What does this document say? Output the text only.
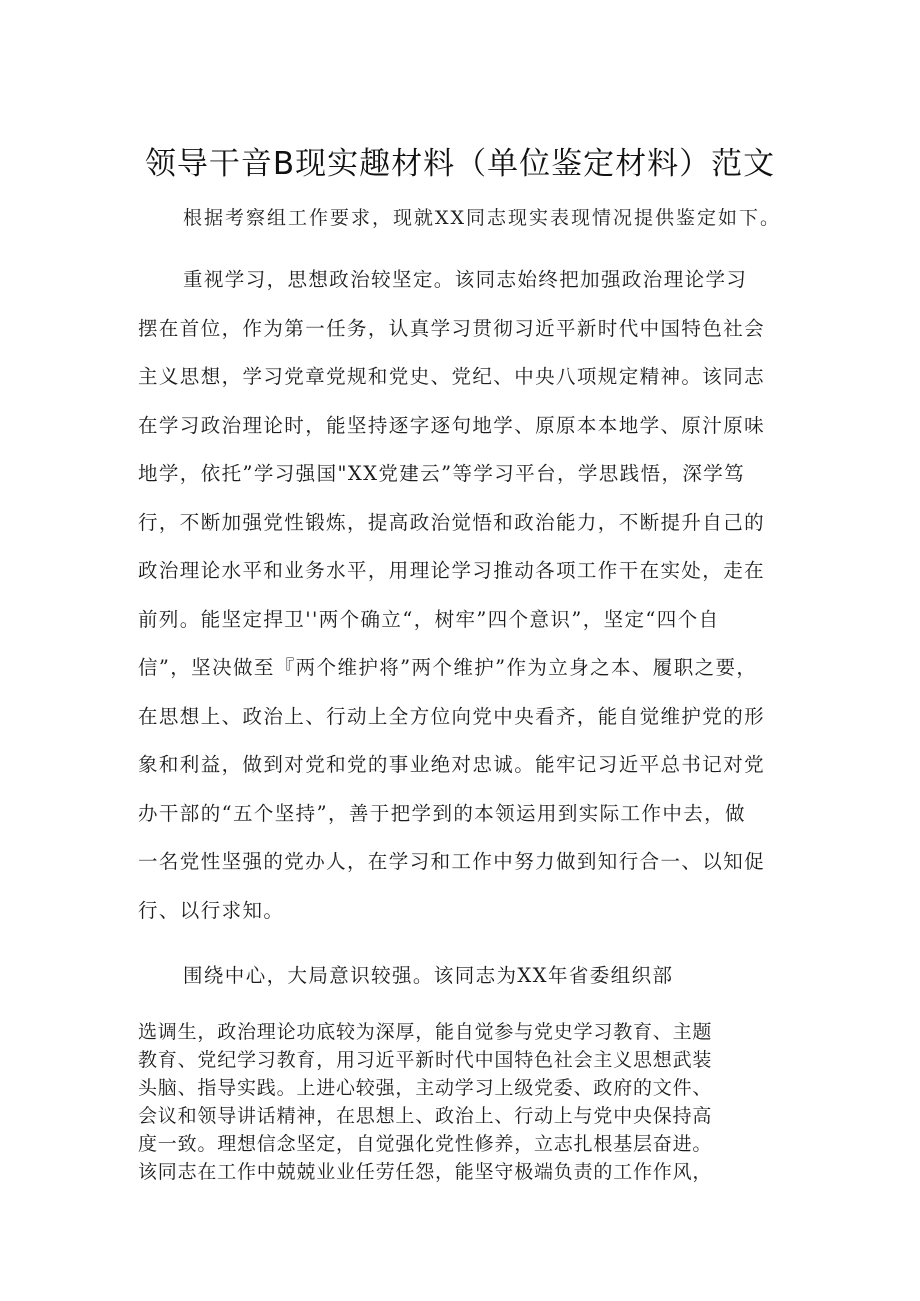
领导干音B现实趣材料（单位鉴定材料）范文
根据考察组工作要求，现就XX同志现实表现情况提供鉴定如下。
重视学习，思想政治较坚定。该同志始终把加强政治理论学习
摆在首位，作为第一任务，认真学习贯彻习近平新时代中国特色社会
主义思想，学习党章党规和党史、党纪、中央八项规定精神。该同志
在学习政治理论时，能坚持逐字逐句地学、原原本本地学、原汁原味
地学，依托”学习强国"XX党建云”等学习平台，学思践悟，深学笃
行，不断加强党性锻炼，提高政治觉悟和政治能力，不断提升自己的
政治理论水平和业务水平，用理论学习推动各项工作干在实处，走在
前列。能坚定捍卫''两个确立“，树牢”四个意识”，坚定“四个自
信”，坚决做至『两个维护将”两个维护”作为立身之本、履职之要，
在思想上、政治上、行动上全方位向党中央看齐，能自觉维护党的形
象和利益，做到对党和党的事业绝对忠诚。能牢记习近平总书记对党
办干部的“五个坚持”，善于把学到的本领运用到实际工作中去，做
一名党性坚强的党办人，在学习和工作中努力做到知行合一、以知促
行、以行求知。
围绕中心，大局意识较强。该同志为XX年省委组织部
选调生，政治理论功底较为深厚，能自觉参与党史学习教育、主题
教育、党纪学习教育，用习近平新时代中国特色社会主义思想武装
头脑、指导实践。上进心较强，主动学习上级党委、政府的文件、
会议和领导讲话精神，在思想上、政治上、行动上与党中央保持高
度一致。理想信念坚定，自觉强化党性修养，立志扎根基层奋进。
该同志在工作中兢兢业业任劳任怨，能坚守极端负责的工作作风，
